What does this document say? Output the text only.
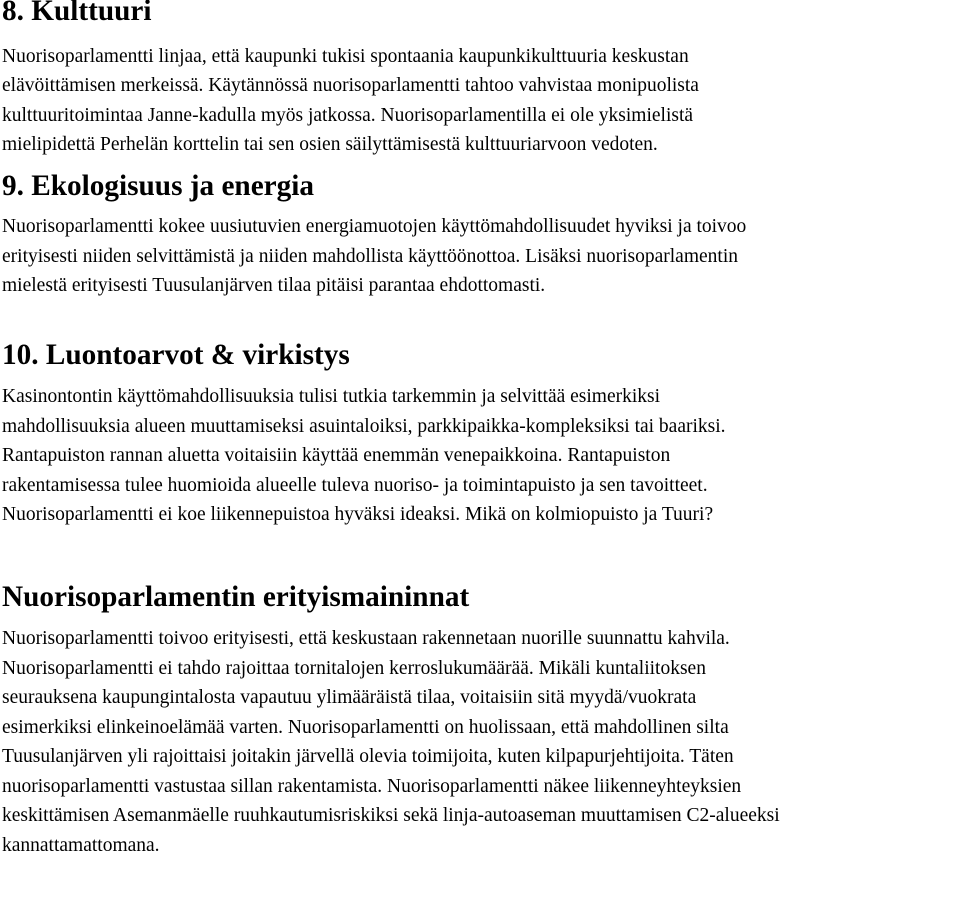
8. Kulttuuri

Nuorisoparlamentti linjaa, että kaupunki tukisi spontaania kaupunkikulttuuria keskustan

elävöittämisen merkeissä. Käytännössä nuorisoparlamentti tahtoo vahvistaa monipuolista

kulttuuritoimintaa Janne-kadulla myös jatkossa. Nuorisoparlamentilla ei ole yksimielistä

mielipidettä Perhelän korttelin tai sen osien säilyttämisestä kulttuuriarvoon vedoten.

9. Ekologisuus ja energia

Nuorisoparlamentti kokee uusiutuvien energiamuotojen käyttömahdollisuudet hyviksi ja toivoo

erityisesti niiden selvittämistä ja niiden mahdollista käyttöönottoa. Lisäksi nuorisoparlamentin

mielestä erityisesti Tuusulanjärven tilaa pitäisi parantaa ehdottomasti.

10. Luontoarvot & virkistys

Kasinontontin käyttömahdollisuuksia tulisi tutkia tarkemmin ja selvittää esimerkiksi

mahdollisuuksia alueen muuttamiseksi asuintaloiksi, parkkipaikka-kompleksiksi tai baariksi.

Rantapuiston rannan aluetta voitaisiin käyttää enemmän venepaikkoina. Rantapuiston

rakentamisessa tulee huomioida alueelle tuleva nuoriso- ja toimintapuisto ja sen tavoitteet.

Nuorisoparlamentti ei koe liikennepuistoa hyväksi ideaksi. Mikä on kolmiopuisto ja Tuuri?

Nuorisoparlamentin erityismaininnat

Nuorisoparlamentti toivoo erityisesti, että keskustaan rakennetaan nuorille suunnattu kahvila.

Nuorisoparlamentti ei tahdo rajoittaa tornitalojen kerroslukumäärää. Mikäli kuntaliitoksen

seurauksena kaupungintalosta vapautuu ylimääräistä tilaa, voitaisiin sitä myydä/vuokrata

esimerkiksi elinkeinoelämää varten. Nuorisoparlamentti on huolissaan, että mahdollinen silta

Tuusulanjärven yli rajoittaisi joitakin järvellä olevia toimijoita, kuten kilpapurjehtijoita. Täten

nuorisoparlamentti vastustaa sillan rakentamista. Nuorisoparlamentti näkee liikenneyhteyksien

keskittämisen Asemanmäelle ruuhkautumisriskiksi sekä linja-autoaseman muuttamisen C2-alueeksi

kannattamattomana.
